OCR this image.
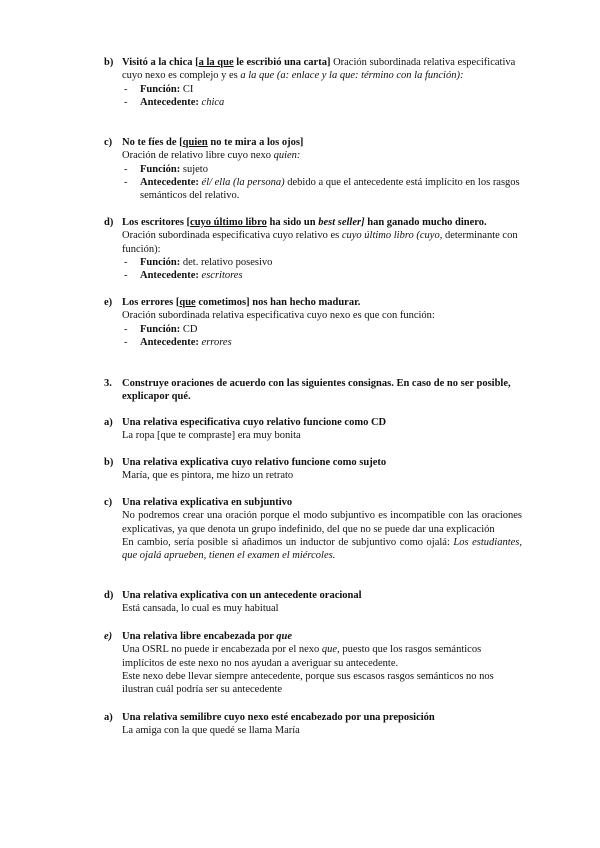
b) Visitó a la chica [a la que le escribió una carta] Oración subordinada relativa especificativa cuyo nexo es complejo y es a la que (a: enlace y la que: término con la función):
- Función: CI
- Antecedente: chica
c) No te fíes de [quien no te mira a los ojos]
Oración de relativo libre cuyo nexo quien:
- Función: sujeto
- Antecedente: él/ ella (la persona) debido a que el antecedente está implícito en los rasgos semánticos del relativo.
d) Los escritores [cuyo último libro ha sido un best seller] han ganado mucho dinero. Oración subordinada especificativa cuyo relativo es cuyo último libro (cuyo, determinante con función):
- Función: det. relativo posesivo
- Antecedente: escritores
e) Los errores [que cometimos] nos han hecho madurar.
Oración subordinada relativa especificativa cuyo nexo es que con función:
- Función: CD
- Antecedente: errores
3. Construye oraciones de acuerdo con las siguientes consignas. En caso de no ser posible, explicapor qué.
a) Una relativa especificativa cuyo relativo funcione como CD
La ropa [que te compraste] era muy bonita
b) Una relativa explicativa cuyo relativo funcione como sujeto
María, que es pintora, me hizo un retrato
c) Una relativa explicativa en subjuntivo
No podremos crear una oración porque el modo subjuntivo es incompatible con las oraciones explicativas, ya que denota un grupo indefinido, del que no se puede dar una explicación
En cambio, sería posible si añadimos un inductor de subjuntivo como ojalá: Los estudiantes, que ojalá aprueben, tienen el examen el miércoles.
d) Una relativa explicativa con un antecedente oracional
Está cansada, lo cual es muy habitual
e) Una relativa libre encabezada por que
Una OSRL no puede ir encabezada por el nexo que, puesto que los rasgos semánticos implícitos de este nexo no nos ayudan a averiguar su antecedente.
Este nexo debe llevar siempre antecedente, porque sus escasos rasgos semánticos no nos ilustran cuál podría ser su antecedente
a) Una relativa semilibre cuyo nexo esté encabezado por una preposición
La amiga con la que quedé se llama María
